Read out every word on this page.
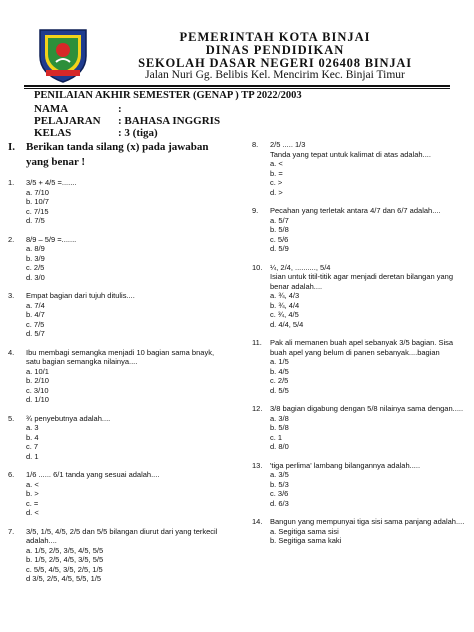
PEMERINTAH KOTA BINJAI
DINAS PENDIDIKAN
SEKOLAH DASAR NEGERI 026408 BINJAI
Jalan Nuri Gg. Belibis Kel. Mencirim Kec. Binjai Timur
PENILAIAN AKHIR SEMESTER (GENAP ) TP 2022/2003
NAMA	:
PELAJARAN : BAHASA INGGRIS
KELAS	: 3 (tiga)
I. Berikan tanda silang (x) pada jawaban yang benar !
1.	3/5 + 4/5 =.......
a. 7/10
b. 10/7
c. 7/15
d. 7/5
2.	8/9 – 5/9 =.......
a. 8/9
b. 3/9
c. 2/5
d. 3/0
3.	Empat bagian dari tujuh ditulis....
a. 7/4
b. 4/7
c. 7/5
d. 5/7
4.	Ibu membagi semangka menjadi 10 bagian sama bnayk, satu bagian semangka nilainya....
a. 10/1
b. 2/10
c. 3/10
d. 1/10
5.	¾ penyebutnya adalah....
a. 3
b. 4
c. 7
d. 1
6.	1/6 ...... 6/1 tanda yang sesuai adalah....
a. <
b. >
c. =
d. <
7.	3/5, 1/5, 4/5, 2/5 dan 5/5 bilangan diurut dari yang terkecil adalah....
a. 1/5, 2/5, 3/5, 4/5, 5/5
b. 1/5, 2/5, 4/5, 3/5, 5/5
c. 5/5, 4/5, 3/5, 2/5, 1/5
d 3/5, 2/5, 4/5, 5/5, 1/5
8.	2/5 ..... 1/3
Tanda yang tepat untuk kalimat di atas adalah....
a. <
b. =
c. >
d. >
9.	Pecahan yang terletak antara 4/7 dan 6/7 adalah....
a. 5/7
b. 5/8
c. 5/6
d. 5/9
10.	¼, 2/4, .........., 5/4
Isian untuk titil-titik agar menjadi deretan bilangan yang benar adalah....
a. ¾, 4/3
b. ¾, 4/4
c. ¾, 4/5
d. 4/4, 5/4
11.	Pak ali memanen buah apel sebanyak 3/5 bagian. Sisa buah apel yang belum di panen sebanyak....bagian
a. 1/5
b. 4/5
c. 2/5
d. 5/5
12.	3/8 bagian digabung dengan 5/8 nilainya sama dengan.....
a. 3/8
b. 5/8
c. 1
d. 8/0
13.	'tiga perlima' lambang bilangannya adalah.....
a. 3/5
b. 5/3
c. 3/6
d. 6/3
14.	Bangun yang mempunyai tiga sisi sama panjang adalah....
a. Segitiga sama sisi
b. Segitiga sama kaki
